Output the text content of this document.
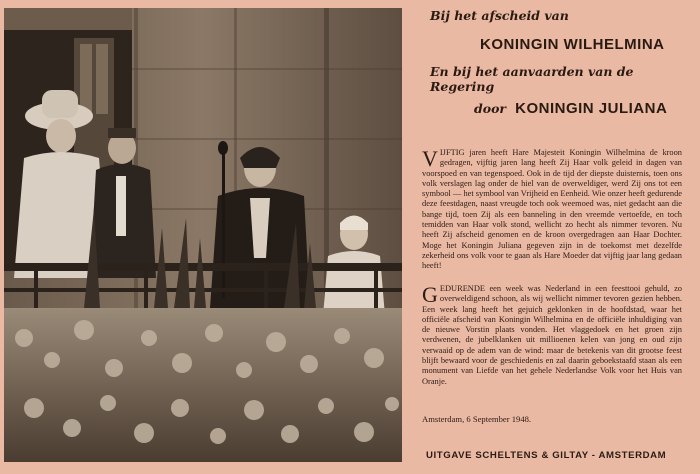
Bij het afscheid van
KONINGIN WILHELMINA
En bij het aanvaarden van de Regering
door KONINGIN JULIANA
VIJFTIG jaren heeft Hare Majesteit Koningin Wilhelmina de kroon gedragen, vijftig jaren lang heeft Zij Haar volk geleid in dagen van voorspoed en van tegenspoed. Ook in de tijd der diepste duisternis, toen ons volk verslagen lag onder de hiel van de overweldiger, werd Zij ons tot een symbool — het symbool van Vrijheid en Eenheid. Wie onzer heeft gedurende deze feestdagen, naast vreugde toch ook weemoed was, niet gedacht aan die bange tijd, toen Zij als een banneling in den vreemde vertoefde, en toch temidden van Haar volk stond, wellicht zo hecht als nimmer tevoren. Nu heeft Zij afscheid genomen en de kroon overgedragen aan Haar Dochter. Moge het Koningin Juliana gegeven zijn in de toekomst met dezelfde zekerheid ons volk voor te gaan als Hare Moeder dat vijftig jaar lang gedaan heeft!
GEDURENDE een week was Nederland in een feesttooi gehuld, zo overweldigend schoon, als wij wellicht nimmer tevoren gezien hebben. Een week lang heeft het gejuich geklonken in de hoofdstad, waar het officiële afscheid van Koningin Wilhelmina en de officiële inhuldiging van de nieuwe Vorstin plaats vonden. Het vlaggedoek en het groen zijn verdwenen, de jubelklanken uit millioenen kelen van jong en oud zijn verwaaid op de adem van de wind: maar de betekenis van dit grootse feest blijft bewaard voor de geschiedenis en zal daarin geboekstaafd staan als een monument van Liefde van het gehele Nederlandse Volk voor het Huis van Oranje.
Amsterdam, 6 September 1948.
UITGAVE SCHELTENS & GILTAY - AMSTERDAM
